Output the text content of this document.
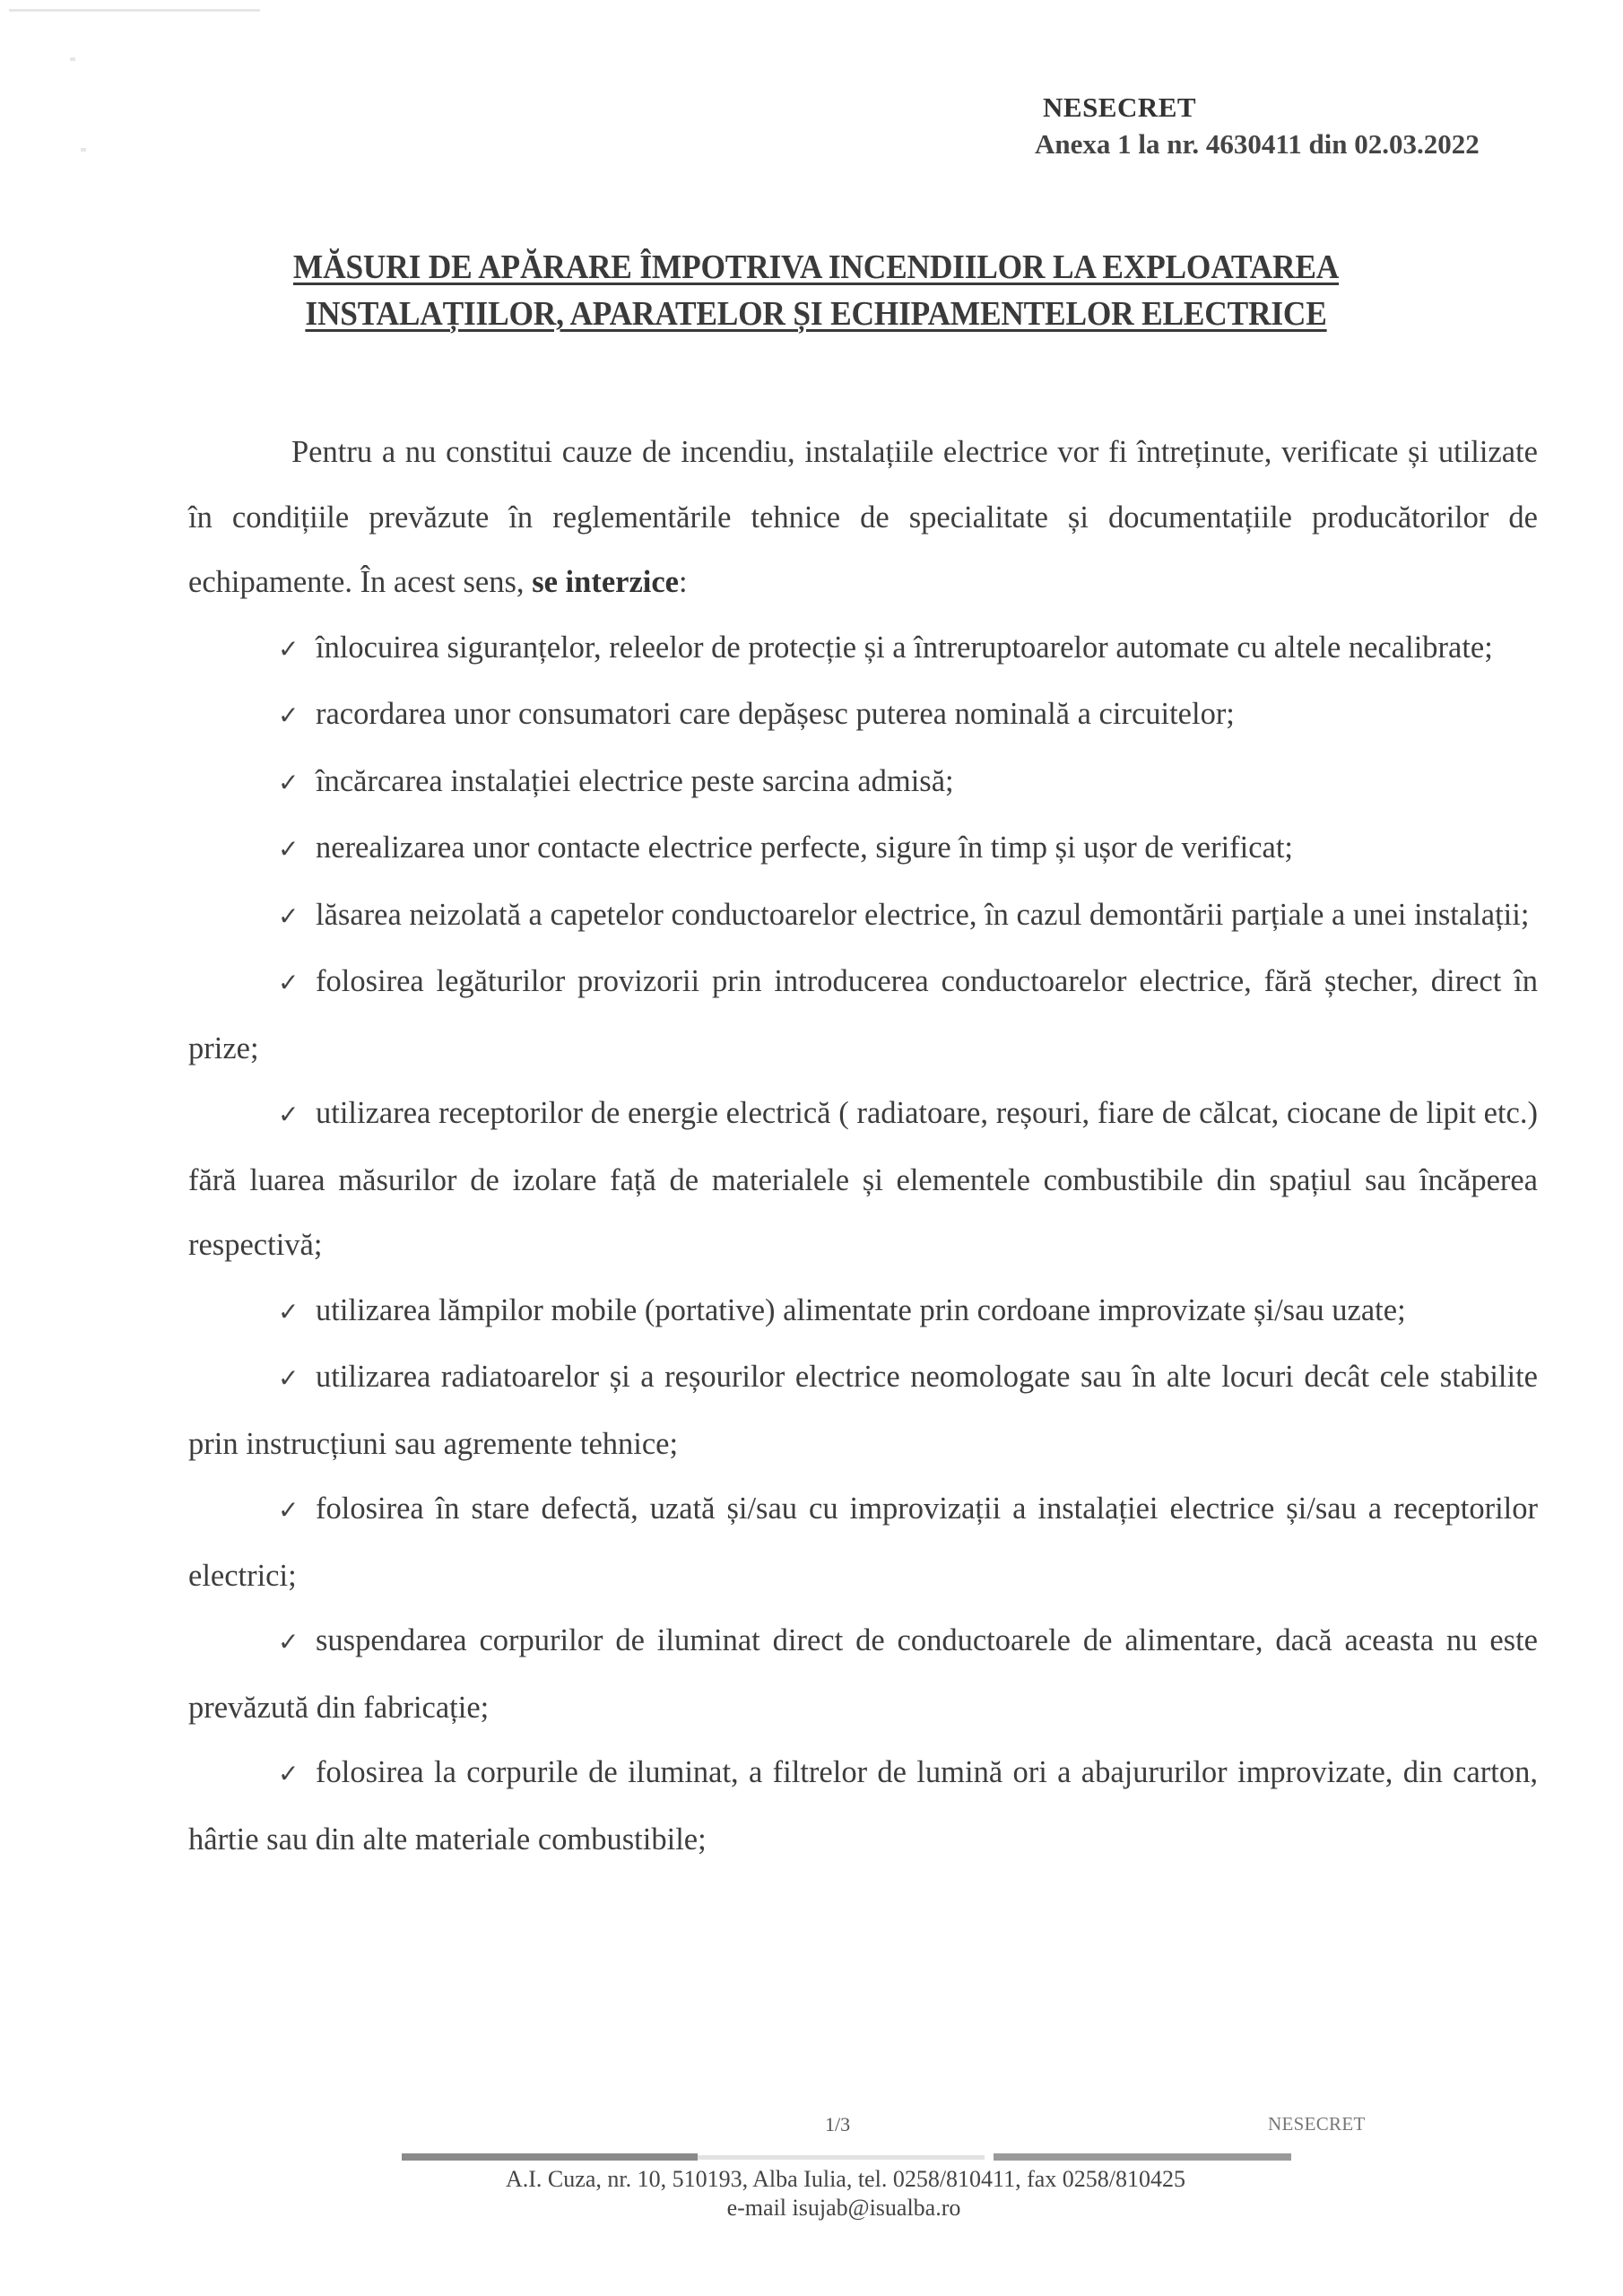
NESECRET
Anexa 1 la nr. 4630411 din 02.03.2022
MĂSURI DE APĂRARE ÎMPOTRIVA INCENDIILOR LA EXPLOATAREA
INSTALAȚIILOR, APARATELOR ȘI ECHIPAMENTELOR ELECTRICE

Pentru a nu constitui cauze de incendiu, instalațiile electrice vor fi întreținute, verificate și utilizate în condițiile prevăzute în reglementările tehnice de specialitate și documentațiile producătorilor de echipamente. În acest sens, se interzice:

✓ înlocuirea siguranțelor, releelor de protecție și a întreruptoarelor automate cu altele necalibrate;

✓ racordarea unor consumatori care depășesc puterea nominală a circuitelor;

✓ încărcarea instalației electrice peste sarcina admisă;

✓ nerealizarea unor contacte electrice perfecte, sigure în timp și ușor de verificat;

✓ lăsarea neizolată a capetelor conductoarelor electrice, în cazul demontării parțiale a unei instalații;

✓ folosirea legăturilor provizorii prin introducerea conductoarelor electrice, fără ștecher, direct în prize;

✓ utilizarea receptorilor de energie electrică ( radiatoare, reșouri, fiare de călcat, ciocane de lipit etc.) fără luarea măsurilor de izolare față de materialele și elementele combustibile din spațiul sau încăperea respectivă;

✓ utilizarea lămpilor mobile (portative) alimentate prin cordoane improvizate și/sau uzate;

✓ utilizarea radiatoarelor și a reșourilor electrice neomologate sau în alte locuri decât cele stabilite prin instrucțiuni sau agremente tehnice;

✓ folosirea în stare defectă, uzată și/sau cu improvizații a instalației electrice și/sau a receptorilor electrici;

✓ suspendarea corpurilor de iluminat direct de conductoarele de alimentare, dacă aceasta nu este prevăzută din fabricație;

✓ folosirea la corpurile de iluminat, a filtrelor de lumină ori a abajururilor improvizate, din carton, hârtie sau din alte materiale combustibile;

1/3	NESECRET
A.I. Cuza, nr. 10, 510193, Alba Iulia, tel. 0258/810411, fax 0258/810425
e-mail isujab@isualba.ro
